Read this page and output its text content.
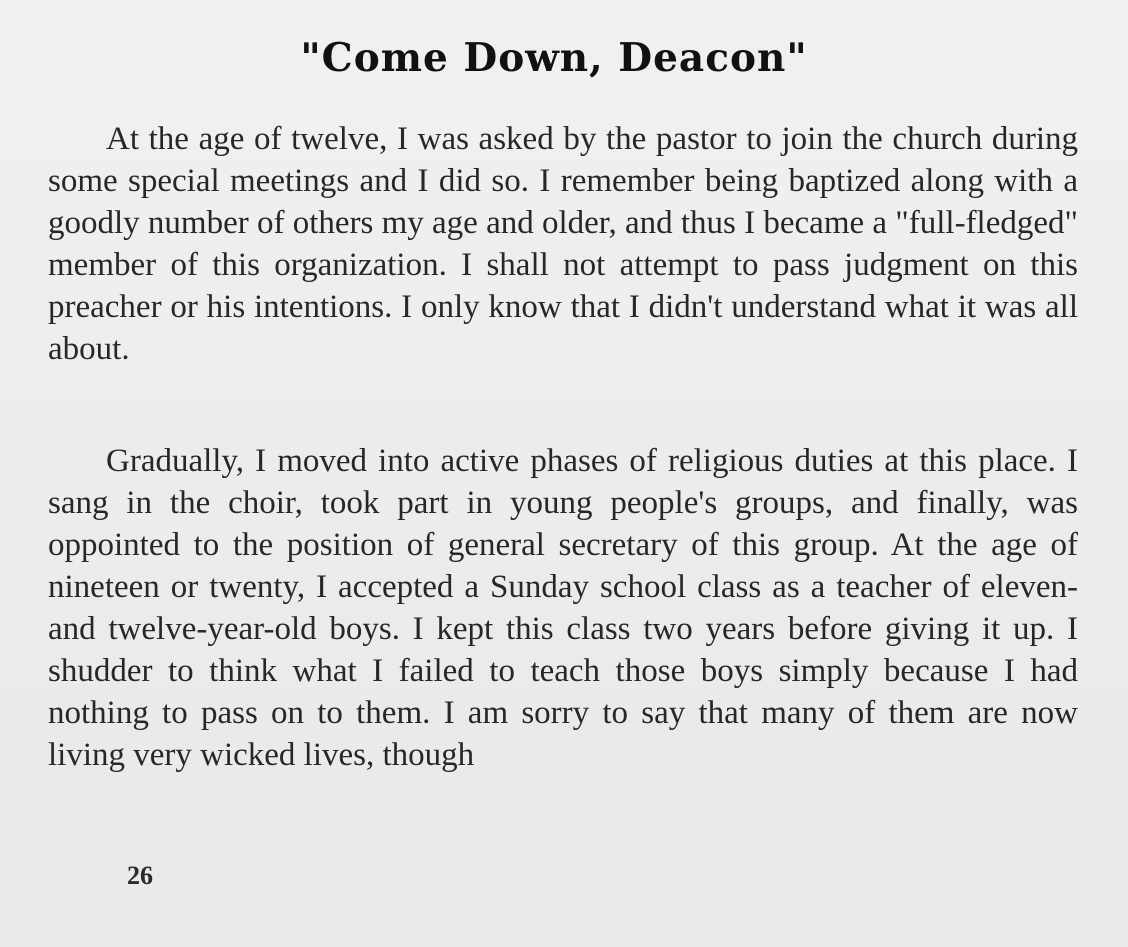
"Come Down, Deacon"

At the age of twelve, I was asked by the pastor to join the church during some special meetings and I did so. I remember being baptized along with a goodly number of others my age and older, and thus I became a "full-fledged" member of this organization. I shall not attempt to pass judgment on this preacher or his intentions. I only know that I didn't understand what it was all about.

Gradually, I moved into active phases of religious duties at this place. I sang in the choir, took part in young people's groups, and finally, was oppointed to the position of general secretary of this group. At the age of nineteen or twenty, I accepted a Sunday school class as a teacher of eleven- and twelve-year-old boys. I kept this class two years before giving it up. I shudder to think what I failed to teach those boys simply because I had nothing to pass on to them. I am sorry to say that many of them are now living very wicked lives, though

26
